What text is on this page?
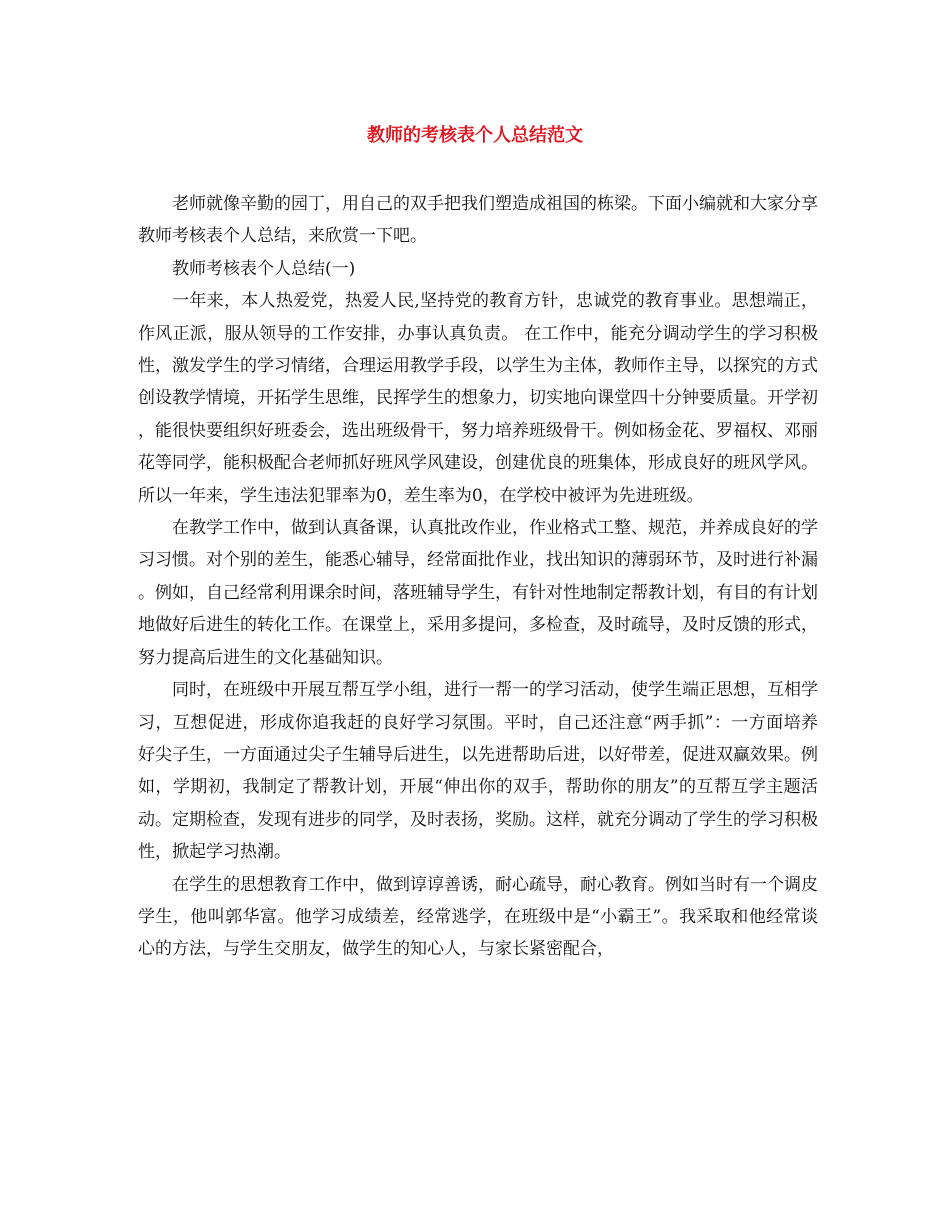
教师的考核表个人总结范文

老师就像辛勤的园丁，用自己的双手把我们塑造成祖国的栋梁。下面小编就和大家分享教师考核表个人总结，来欣赏一下吧。

教师考核表个人总结(一)

一年来，本人热爱党，热爱人民,坚持党的教育方针，忠诚党的教育事业。思想端正，作风正派，服从领导的工作安排，办事认真负责。 在工作中，能充分调动学生的学习积极性，激发学生的学习情绪，合理运用教学手段，以学生为主体，教师作主导，以探究的方式创设教学情境，开拓学生思维，民挥学生的想象力，切实地向课堂四十分钟要质量。开学初，能很快要组织好班委会，选出班级骨干，努力培养班级骨干。例如杨金花、罗福权、邓丽花等同学，能积极配合老师抓好班风学风建设，创建优良的班集体，形成良好的班风学风。所以一年来，学生违法犯罪率为0，差生率为0，在学校中被评为先进班级。

在教学工作中，做到认真备课，认真批改作业，作业格式工整、规范，并养成良好的学习习惯。对个别的差生，能悉心辅导，经常面批作业，找出知识的薄弱环节，及时进行补漏。例如，自己经常利用课余时间，落班辅导学生，有针对性地制定帮教计划，有目的有计划地做好后进生的转化工作。在课堂上，采用多提问，多检查，及时疏导，及时反馈的形式，努力提高后进生的文化基础知识。

同时，在班级中开展互帮互学小组，进行一帮一的学习活动，使学生端正思想，互相学习，互想促进，形成你追我赶的良好学习氛围。平时，自己还注意“两手抓”：一方面培养好尖子生，一方面通过尖子生辅导后进生，以先进帮助后进，以好带差，促进双赢效果。例如，学期初，我制定了帮教计划，开展“伸出你的双手，帮助你的朋友”的互帮互学主题活动。定期检查，发现有进步的同学，及时表扬，奖励。这样，就充分调动了学生的学习积极性，掀起学习热潮。

在学生的思想教育工作中，做到谆谆善诱，耐心疏导，耐心教育。例如当时有一个调皮学生，他叫郭华富。他学习成绩差，经常逃学，在班级中是“小霸王”。我采取和他经常谈心的方法，与学生交朋友，做学生的知心人，与家长紧密配合，
